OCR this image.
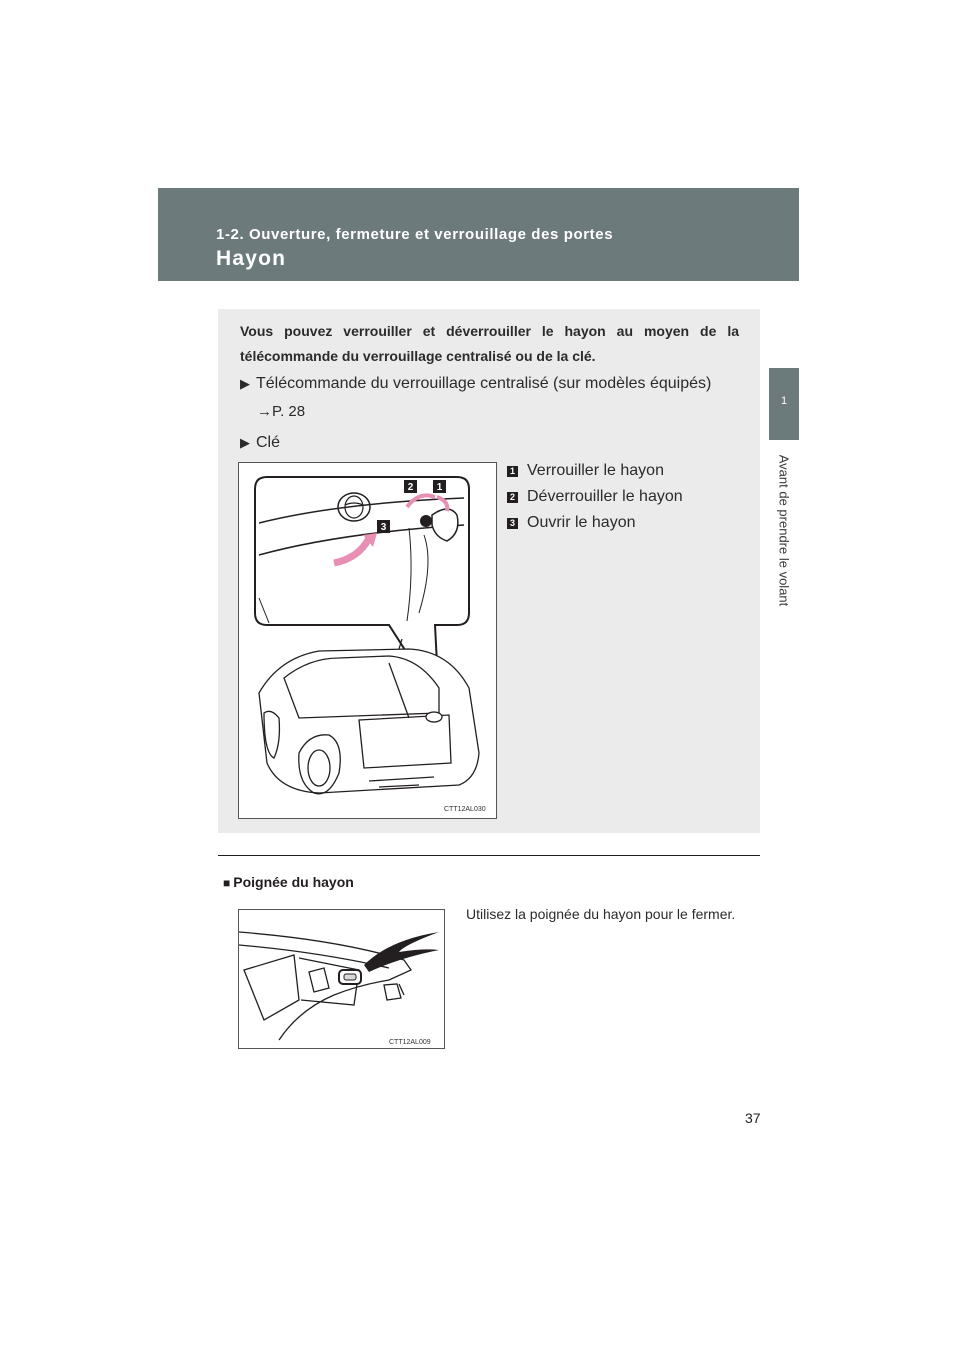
1-2. Ouverture, fermeture et verrouillage des portes
Hayon
1
Avant de prendre le volant
Vous pouvez verrouiller et déverrouiller le hayon au moyen de la télécommande du verrouillage centralisé ou de la clé.
▶ Télécommande du verrouillage centralisé (sur modèles équipés)
→P. 28
▶ Clé
1 Verrouiller le hayon
2 Déverrouiller le hayon
3 Ouvrir le hayon
2 1
3
CTT12AL030
■ Poignée du hayon
CTT12AL009
Utilisez la poignée du hayon pour le fermer.
37
